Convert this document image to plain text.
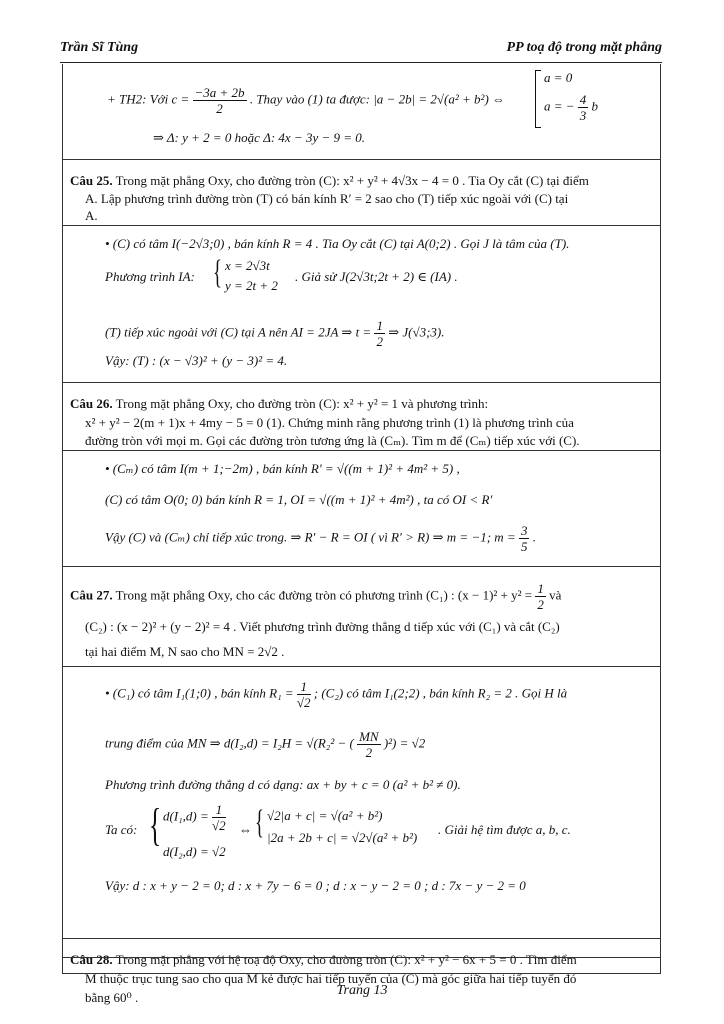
Trần Sĩ Tùng	PP toạ độ trong mặt phẳng
+ TH2: Với $c = \frac{-3a + 2b}{2}$ . Thay vào (1) ta được: |a − 2b| = 2√(a² + b²) ⇔
a = 0
a = − $\frac{4}{3}$ b
⇒ Δ: y + 2 = 0 hoặc Δ: 4x − 3y − 9 = 0.
Câu 25. Trong mặt phẳng Oxy, cho đường tròn (C): x² + y² + 4√3x − 4 = 0 . Tia Oy cắt (C) tại điểm
A. Lập phương trình đường tròn (T) có bán kính R′ = 2 sao cho (T) tiếp xúc ngoài với (C) tại
A.
• (C) có tâm I(−2√3;0) , bán kính R = 4 . Tia Oy cắt (C) tại A(0;2) . Gọi J là tâm của (T).
Phương trình IA: { x = 2√3t
y = 2t + 2
. Giả sử J(2√3t;2t + 2) ∈ (IA) .
(T) tiếp xúc ngoài với (C) tại A nên AI = 2JA ⇒ $t = \frac{1}{2}$ ⇒ J(√3;3).
Vậy: (T) : (x − √3)² + (y − 3)² = 4.
Câu 26. Trong mặt phẳng Oxy, cho đường tròn (C): x² + y² = 1 và phương trình:
x² + y² − 2(m + 1)x + 4my − 5 = 0 (1). Chứng minh rằng phương trình (1) là phương trình của
đường tròn với mọi m. Gọi các đường tròn tương ứng là (Cₘ). Tìm m để (Cₘ) tiếp xúc với (C).
• (Cₘ) có tâm I(m + 1;−2m) , bán kính R' = √((m + 1)² + 4m² + 5) ,
(C) có tâm O(0; 0) bán kính R = 1, OI = √((m + 1)² + 4m²) , ta có OI < R′
Vậy (C) và (Cₘ) chỉ tiếp xúc trong. ⇒ R′ − R = OI ( vì R′ > R) ⇒ m = −1; $m = \frac{3}{5}$ .
Câu 27. Trong mặt phẳng Oxy, cho các đường tròn có phương trình (C₁) : $(x - 1)^2 + y^2 = \frac{1}{2}$ và
(C₂) : (x − 2)² + (y − 2)² = 4 . Viết phương trình đường thẳng d tiếp xúc với (C₁) và cắt (C₂)
tại hai điểm M, N sao cho MN = 2√2 .
• (C₁) có tâm I₁(1;0) , bán kính $R_1 = \frac{1}{√2}$ ; (C₂) có tâm I₁(2;2) , bán kính R₂ = 2 . Gọi H là
trung điểm của MN ⇒ d(I₂,d) = I₂H = √(R₂² − ( $\frac{MN}{2} )^2) = √2$
Phương trình đường thẳng d có dạng: ax + by + c = 0 (a² + b² ≠ 0).
Ta có: { $d(I_1,d) = \frac{1}{√2}$
d(I₂,d) = √2
⇔ { √2|a + c| = √(a² + b²)
|2a + 2b + c| = √2√(a² + b²)
. Giải hệ tìm được a, b, c.
Vậy: d : x + y − 2 = 0; d : x + 7y − 6 = 0 ; d : x − y − 2 = 0 ; d : 7x − y − 2 = 0
Câu 28. Trong mặt phẳng với hệ toạ độ Oxy, cho đường tròn (C): x² + y² − 6x + 5 = 0 . Tìm điểm
M thuộc trục tung sao cho qua M kẻ được hai tiếp tuyến của (C) mà góc giữa hai tiếp tuyến đó
bằng 60⁰ .	Trang 13
